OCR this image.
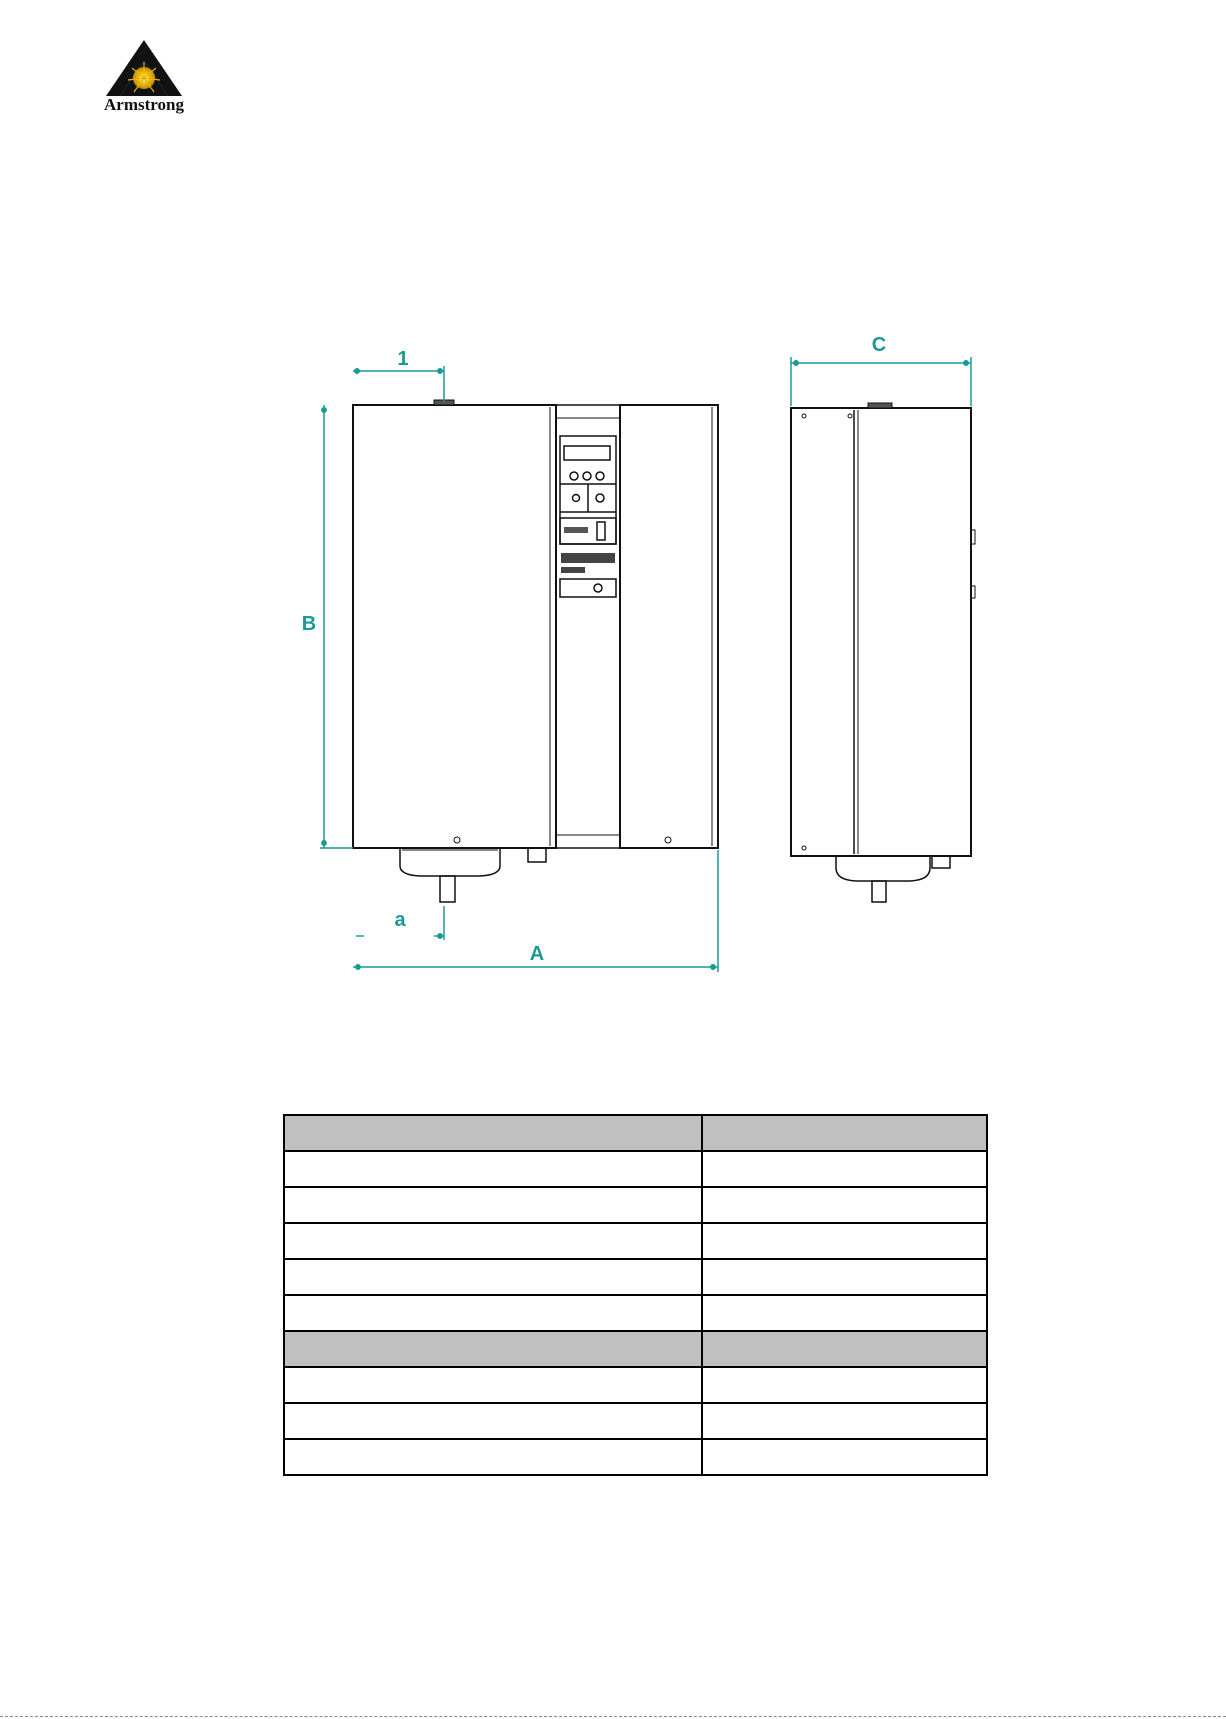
Armstrong
1
C
B
a
A
